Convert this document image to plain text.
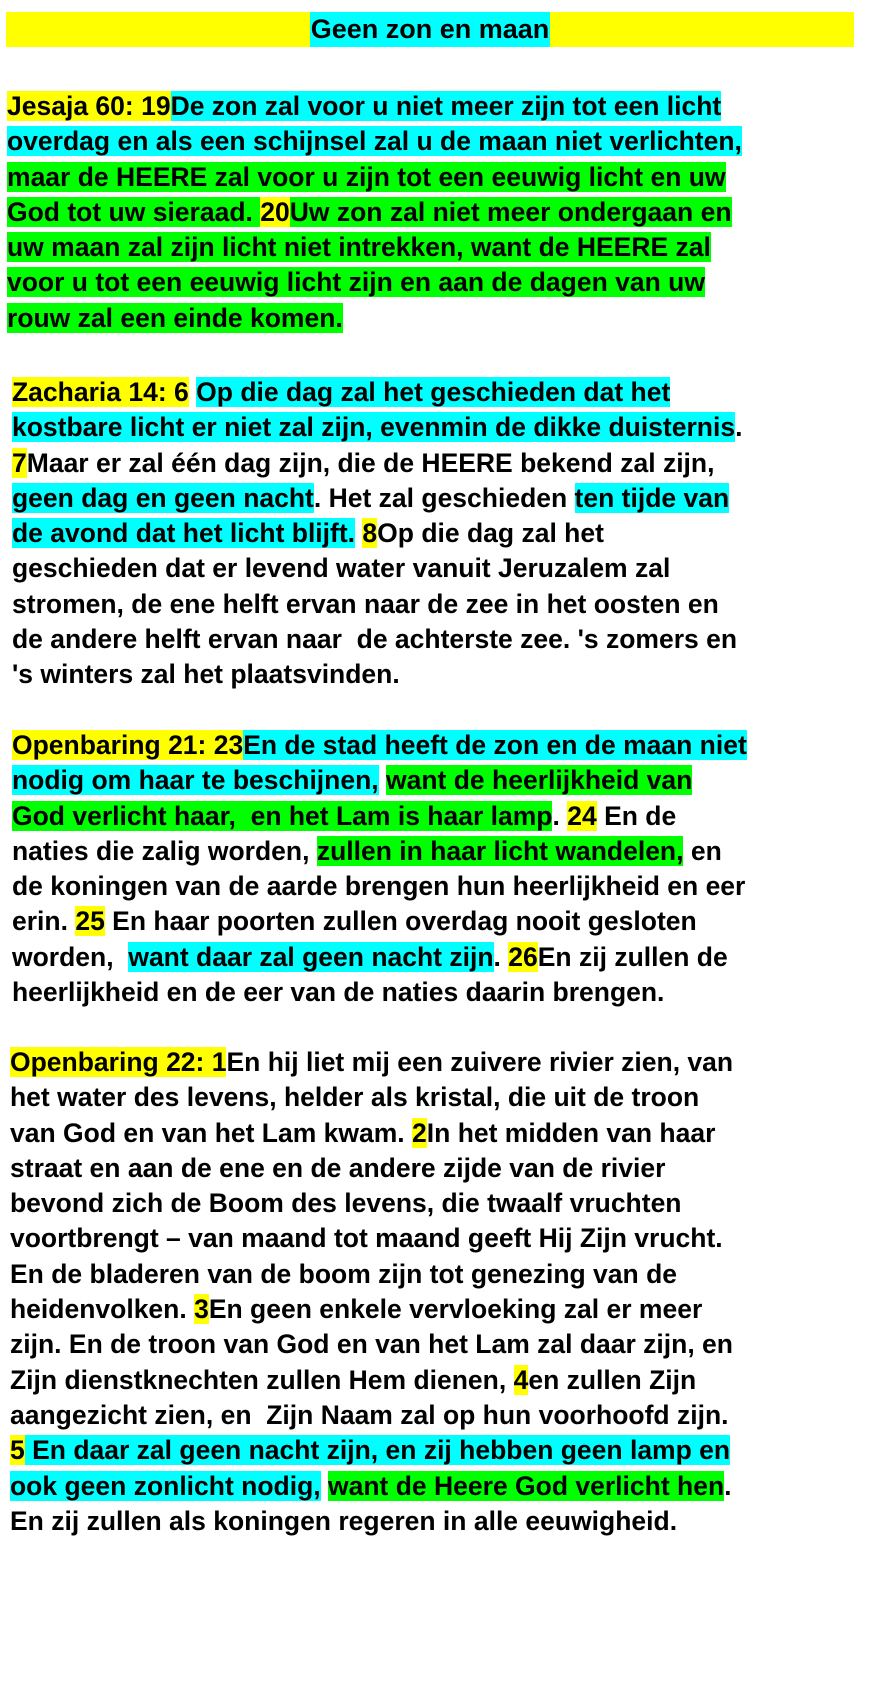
Geen zon en maan
Jesaja 60: 19De zon zal voor u niet meer zijn tot een licht
overdag en als een schijnsel zal u de maan niet verlichten,
maar de HEERE zal voor u zijn tot een eeuwig licht en uw
God tot uw sieraad. 20Uw zon zal niet meer ondergaan en
uw maan zal zijn licht niet intrekken, want de HEERE zal
voor u tot een eeuwig licht zijn en aan de dagen van uw
rouw zal een einde komen.
Zacharia 14: 6 Op die dag zal het geschieden dat het
kostbare licht er niet zal zijn, evenmin de dikke duisternis.
7Maar er zal één dag zijn, die de HEERE bekend zal zijn,
geen dag en geen nacht. Het zal geschieden ten tijde van
de avond dat het licht blijft. 8Op die dag zal het
geschieden dat er levend water vanuit Jeruzalem zal
stromen, de ene helft ervan naar de zee in het oosten en
de andere helft ervan naar  de achterste zee. 's zomers en
's winters zal het plaatsvinden.
Openbaring 21: 23En de stad heeft de zon en de maan niet
nodig om haar te beschijnen, want de heerlijkheid van
God verlicht haar,  en het Lam is haar lamp. 24 En de
naties die zalig worden, zullen in haar licht wandelen, en
de koningen van de aarde brengen hun heerlijkheid en eer
erin. 25 En haar poorten zullen overdag nooit gesloten
worden,  want daar zal geen nacht zijn. 26En zij zullen de
heerlijkheid en de eer van de naties daarin brengen.
Openbaring 22: 1En hij liet mij een zuivere rivier zien, van
het water des levens, helder als kristal, die uit de troon
van God en van het Lam kwam. 2In het midden van haar
straat en aan de ene en de andere zijde van de rivier
bevond zich de Boom des levens, die twaalf vruchten
voortbrengt – van maand tot maand geeft Hij Zijn vrucht.
En de bladeren van de boom zijn tot genezing van de
heidenvolken. 3En geen enkele vervloeking zal er meer
zijn. En de troon van God en van het Lam zal daar zijn, en
Zijn dienstknechten zullen Hem dienen, 4en zullen Zijn
aangezicht zien, en  Zijn Naam zal op hun voorhoofd zijn.
5 En daar zal geen nacht zijn, en zij hebben geen lamp en
ook geen zonlicht nodig, want de Heere God verlicht hen.
En zij zullen als koningen regeren in alle eeuwigheid.
